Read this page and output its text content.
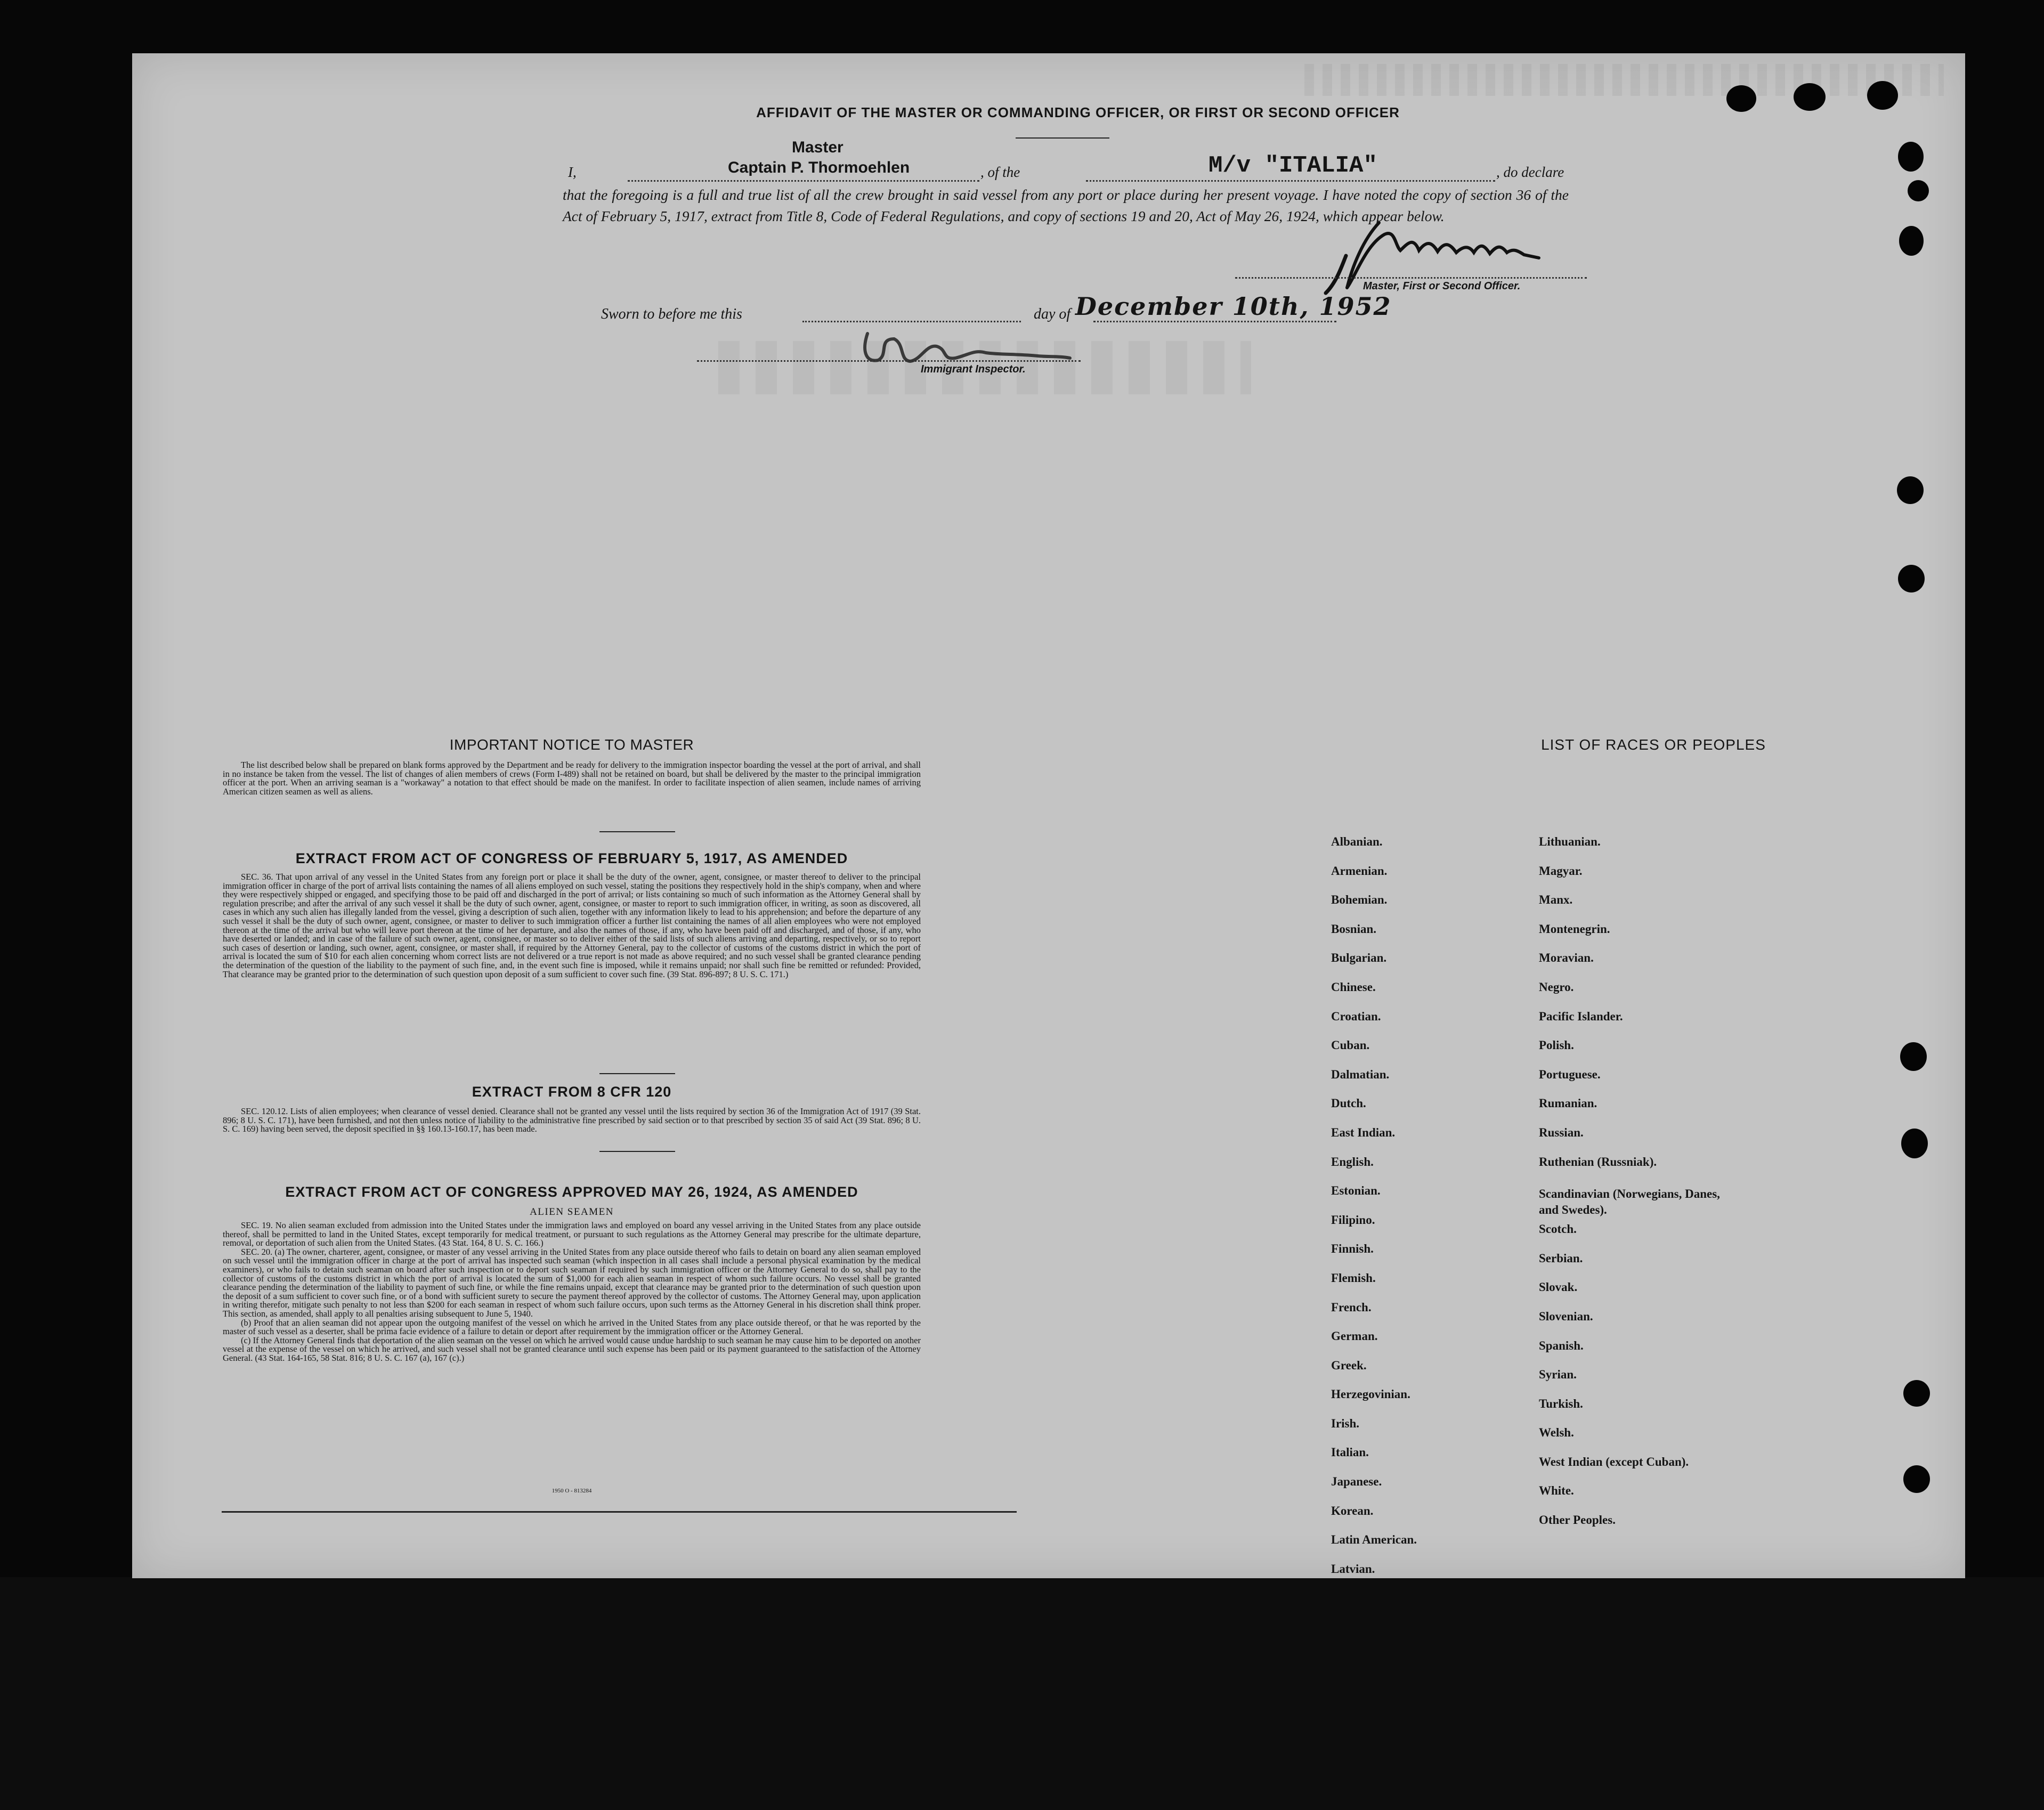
AFFIDAVIT OF THE MASTER OR COMMANDING OFFICER, OR FIRST OR SECOND OFFICER
Master
I,	Captain P. Thormoehlen	, of the	M/v "ITALIA"	, do declare
that the foregoing is a full and true list of all the crew brought in said vessel from any port or place during her present voyage. I have noted the copy of section 36 of the Act of February 5, 1917, extract from Title 8, Code of Federal Regulations, and copy of sections 19 and 20, Act of May 26, 1924, which appear below.
Master, First or Second Officer.
Sworn to before me this	day of December 10th, 1952
Immigrant Inspector.
IMPORTANT NOTICE TO MASTER
The list described below shall be prepared on blank forms approved by the Department and be ready for delivery to the immigration inspector boarding the vessel at the port of arrival, and shall in no instance be taken from the vessel. The list of changes of alien members of crews (Form I-489) shall not be retained on board, but shall be delivered by the master to the principal immigration officer at the port. When an arriving seaman is a "workaway" a notation to that effect should be made on the manifest. In order to facilitate inspection of alien seamen, include names of arriving American citizen seamen as well as aliens.
EXTRACT FROM ACT OF CONGRESS OF FEBRUARY 5, 1917, AS AMENDED
SEC. 36. That upon arrival of any vessel in the United States from any foreign port or place it shall be the duty of the owner, agent, consignee, or master thereof to deliver to the principal immigration officer in charge of the port of arrival lists containing the names of all aliens employed on such vessel, stating the positions they respectively hold in the ship's company, when and where they were respectively shipped or engaged, and specifying those to be paid off and discharged in the port of arrival; or lists containing so much of such information as the Attorney General shall by regulation prescribe; and after the arrival of any such vessel it shall be the duty of such owner, agent, consignee, or master to report to such immigration officer, in writing, as soon as discovered, all cases in which any such alien has illegally landed from the vessel, giving a description of such alien, together with any information likely to lead to his apprehension; and before the departure of any such vessel it shall be the duty of such owner, agent, consignee, or master to deliver to such immigration officer a further list containing the names of all alien employees who were not employed thereon at the time of the arrival but who will leave port thereon at the time of her departure, and also the names of those, if any, who have been paid off and discharged, and of those, if any, who have deserted or landed; and in case of the failure of such owner, agent, consignee, or master so to deliver either of the said lists of such aliens arriving and departing, respectively, or so to report such cases of desertion or landing, such owner, agent, consignee, or master shall, if required by the Attorney General, pay to the collector of customs of the customs district in which the port of arrival is located the sum of $10 for each alien concerning whom correct lists are not delivered or a true report is not made as above required; and no such vessel shall be granted clearance pending the determination of the question of the liability to the payment of such fine, and, in the event such fine is imposed, while it remains unpaid; nor shall such fine be remitted or refunded: Provided, That clearance may be granted prior to the determination of such question upon deposit of a sum sufficient to cover such fine. (39 Stat. 896-897; 8 U. S. C. 171.)
EXTRACT FROM 8 CFR 120
SEC. 120.12. Lists of alien employees; when clearance of vessel denied. Clearance shall not be granted any vessel until the lists required by section 36 of the Immigration Act of 1917 (39 Stat. 896; 8 U. S. C. 171), have been furnished, and not then unless notice of liability to the administrative fine prescribed by said section or to that prescribed by section 35 of said Act (39 Stat. 896; 8 U. S. C. 169) having been served, the deposit specified in §§ 160.13-160.17, has been made.
EXTRACT FROM ACT OF CONGRESS APPROVED MAY 26, 1924, AS AMENDED
ALIEN SEAMEN

SEC. 19. No alien seaman excluded from admission into the United States under the immigration laws and employed on board any vessel arriving in the United States from any place outside thereof, shall be permitted to land in the United States, except temporarily for medical treatment, or pursuant to such regulations as the Attorney General may prescribe for the ultimate departure, removal, or deportation of such alien from the United States. (43 Stat. 164, 8 U. S. C. 166.)

SEC. 20. (a) The owner, charterer, agent, consignee, or master of any vessel arriving in the United States from any place outside thereof who fails to detain on board any alien seaman employed on such vessel until the immigration officer in charge at the port of arrival has inspected such seaman (which inspection in all cases shall include a personal physical examination by the medical examiners), or who fails to detain such seaman on board after such inspection or to deport such seaman if required by such immigration officer or the Attorney General to do so, shall pay to the collector of customs of the customs district in which the port of arrival is located the sum of $1,000 for each alien seaman in respect of whom such failure occurs. No vessel shall be granted clearance pending the determination of the liability to payment of such fine, or while the fine remains unpaid, except that clearance may be granted prior to the determination of such question upon the deposit of a sum sufficient to cover such fine, or of a bond with sufficient surety to secure the payment thereof approved by the collector of customs. The Attorney General may, upon application in writing therefor, mitigate such penalty to not less than $200 for each seaman in respect of whom such failure occurs, upon such terms as the Attorney General in his discretion shall think proper. This section, as amended, shall apply to all penalties arising subsequent to June 5, 1940.

(b) Proof that an alien seaman did not appear upon the outgoing manifest of the vessel on which he arrived in the United States from any place outside thereof, or that he was reported by the master of such vessel as a deserter, shall be prima facie evidence of a failure to detain or deport after requirement by the immigration officer or the Attorney General.

(c) If the Attorney General finds that deportation of the alien seaman on the vessel on which he arrived would cause undue hardship to such seaman he may cause him to be deported on another vessel at the expense of the vessel on which he arrived, and such vessel shall not be granted clearance until such expense has been paid or its payment guaranteed to the satisfaction of the Attorney General. (43 Stat. 164-165, 58 Stat. 816; 8 U. S. C. 167 (a), 167 (c).)

1950 O - 813284
LIST OF RACES OR PEOPLES
Albanian.
Armenian.
Bohemian.
Bosnian.
Bulgarian.
Chinese.
Croatian.
Cuban.
Dalmatian.
Dutch.
East Indian.
English.
Estonian.
Filipino.
Finnish.
Flemish.
French.
German.
Greek.
Herzegovinian.
Irish.
Italian.
Japanese.
Korean.
Latin American.
Latvian.
Lithuanian.
Magyar.
Manx.
Montenegrin.
Moravian.
Negro.
Pacific Islander.
Polish.
Portuguese.
Rumanian.
Russian.
Ruthenian (Russniak).
Scandinavian (Norwegians, Danes, and Swedes).
Scotch.
Serbian.
Slovak.
Slovenian.
Spanish.
Syrian.
Turkish.
Welsh.
West Indian (except Cuban).
White.
Other Peoples.
